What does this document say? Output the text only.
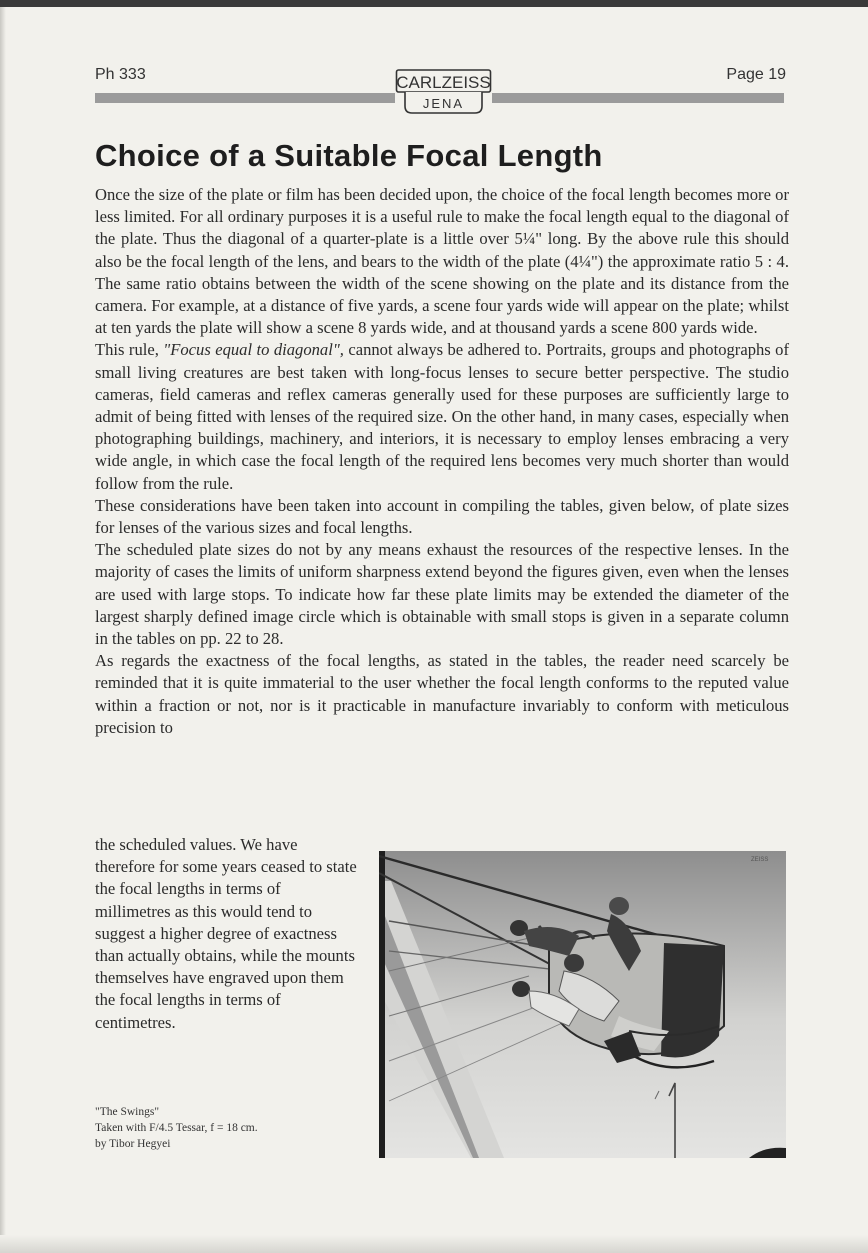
Ph 333	Page 19
CARLZEISS
JENA
Choice of a Suitable Focal Length

Once the size of the plate or film has been decided upon, the choice of the focal length becomes more or less limited. For all ordinary purposes it is a useful rule to make the focal length equal to the diagonal of the plate. Thus the diagonal of a quarter-plate is a little over 5¼" long. By the above rule this should also be the focal length of the lens, and bears to the width of the plate (4¼") the approximate ratio 5 : 4. The same ratio obtains between the width of the scene showing on the plate and its distance from the camera. For example, at a distance of five yards, a scene four yards wide will appear on the plate; whilst at ten yards the plate will show a scene 8 yards wide, and at thousand yards a scene 800 yards wide.

This rule, "Focus equal to diagonal", cannot always be adhered to. Portraits, groups and photographs of small living creatures are best taken with long-focus lenses to secure better perspective. The studio cameras, field cameras and reflex cameras generally used for these purposes are sufficiently large to admit of being fitted with lenses of the required size. On the other hand, in many cases, especially when photographing buildings, machinery, and interiors, it is necessary to employ lenses embracing a very wide angle, in which case the focal length of the required lens becomes very much shorter than would follow from the rule.

These considerations have been taken into account in compiling the tables, given below, of plate sizes for lenses of the various sizes and focal lengths.

The scheduled plate sizes do not by any means exhaust the resources of the respective lenses. In the majority of cases the limits of uniform sharpness extend beyond the figures given, even when the lenses are used with large stops. To indicate how far these plate limits may be extended the diameter of the largest sharply defined image circle which is obtainable with small stops is given in a separate column in the tables on pp. 22 to 28.

As regards the exactness of the focal lengths, as stated in the tables, the reader need scarcely be reminded that it is quite immaterial to the user whether the focal length conforms to the reputed value within a fraction or not, nor is it practicable in manufacture invariably to conform with meticulous precision to

the scheduled values. We have therefore for some years ceased to state the focal lengths in terms of millimetres as this would tend to suggest a higher degree of exactness than actually obtains, while the mounts themselves have engraved upon them the focal lengths in terms of centimetres.
ZEISS
"The Swings"
Taken with F/4.5 Tessar, f = 18 cm.
by Tibor Hegyei
